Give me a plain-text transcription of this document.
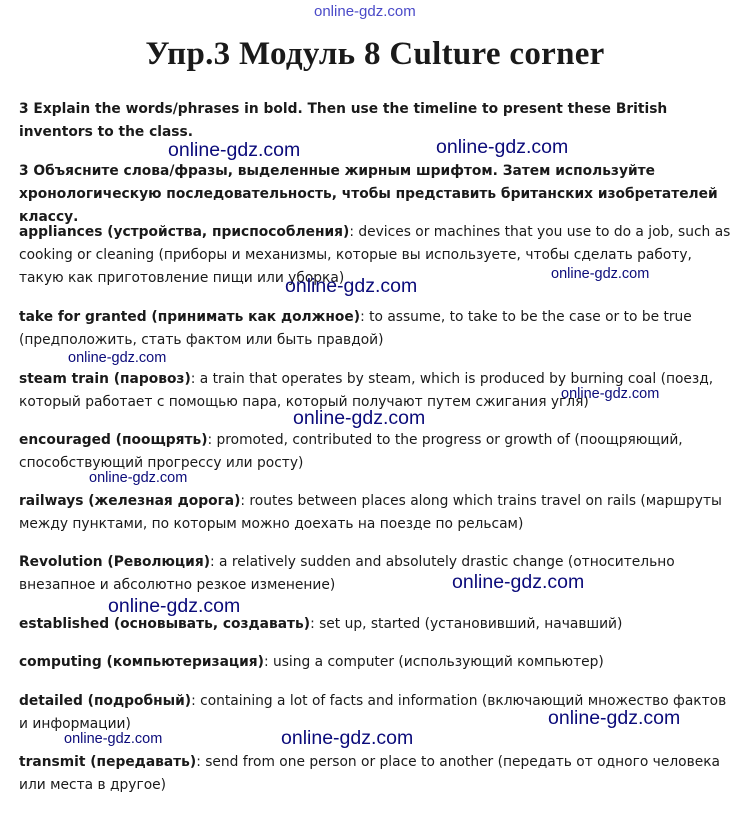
online-gdz.com
Упр.3 Модуль 8 Culture corner
3 Explain the words/phrases in bold. Then use the timeline to present these British inventors to the class.
3 Объясните слова/фразы, выделенные жирным шрифтом. Затем используйте хронологическую последовательность, чтобы представить британских изобретателей классу.
appliances (устройства, приспособления): devices or machines that you use to do a job, such as cooking or cleaning (приборы и механизмы, которые вы используете, чтобы сделать работу, такую как приготовление пищи или уборка)
take for granted (принимать как должное): to assume, to take to be the case or to be true (предположить, стать фактом или быть правдой)
steam train (паровоз): a train that operates by steam, which is produced by burning coal (поезд, который работает с помощью пара, который получают путем сжигания угля)
encouraged (поощрять): promoted, contributed to the progress or growth of (поощряющий, способствующий прогрессу или росту)
railways (железная дорога): routes between places along which trains travel on rails (маршруты между пунктами, по которым можно доехать на поезде по рельсам)
Revolution (Революция): a relatively sudden and absolutely drastic change (относительно внезапное и абсолютно резкое изменение)
established (основывать, создавать): set up, started (установивший, начавший)
computing (компьютеризация): using a computer (использующий компьютер)
detailed (подробный): containing a lot of facts and information (включающий множество фактов и информации)
transmit (передавать): send from one person or place to another (передать от одного человека или места в другое)
online-gdz.com	online-gdz.com
online-gdz.com
online-gdz.com
online-gdz.com
online-gdz.com
online-gdz.com
online-gdz.com
online-gdz.com
online-gdz.com
online-gdz.com
online-gdz.com	online-gdz.com
